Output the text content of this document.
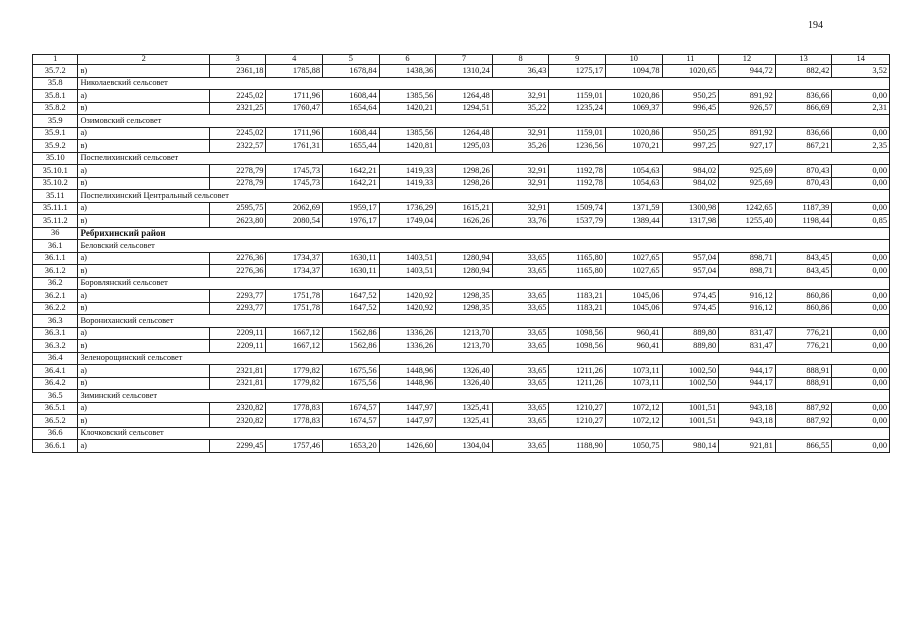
194
1	2	3	4	5	6	7	8	9	10	11	12	13	14
35.7.2	в)	2361,18	1785,88	1678,84	1438,36	1310,24	36,43	1275,17	1094,78	1020,65	944,72	882,42	3,52
35.8	Николаевский сельсовет												
35.8.1	а)	2245,02	1711,96	1608,44	1385,56	1264,48	32,91	1159,01	1020,86	950,25	891,92	836,66	0,00
35.8.2	в)	2321,25	1760,47	1654,64	1420,21	1294,51	35,22	1235,24	1069,37	996,45	926,57	866,69	2,31
35.9	Озимовский сельсовет												
35.9.1	а)	2245,02	1711,96	1608,44	1385,56	1264,48	32,91	1159,01	1020,86	950,25	891,92	836,66	0,00
35.9.2	в)	2322,57	1761,31	1655,44	1420,81	1295,03	35,26	1236,56	1070,21	997,25	927,17	867,21	2,35
35.10	Поспелихинский сельсовет												
35.10.1	а)	2278,79	1745,73	1642,21	1419,33	1298,26	32,91	1192,78	1054,63	984,02	925,69	870,43	0,00
35.10.2	в)	2278,79	1745,73	1642,21	1419,33	1298,26	32,91	1192,78	1054,63	984,02	925,69	870,43	0,00
35.11	Поспелихинский Центральный сельсовет												
35.11.1	а)	2595,75	2062,69	1959,17	1736,29	1615,21	32,91	1509,74	1371,59	1300,98	1242,65	1187,39	0,00
35.11.2	в)	2623,80	2080,54	1976,17	1749,04	1626,26	33,76	1537,79	1389,44	1317,98	1255,40	1198,44	0,85
36	Ребрихинский район												
36.1	Беловский сельсовет												
36.1.1	а)	2276,36	1734,37	1630,11	1403,51	1280,94	33,65	1165,80	1027,65	957,04	898,71	843,45	0,00
36.1.2	в)	2276,36	1734,37	1630,11	1403,51	1280,94	33,65	1165,80	1027,65	957,04	898,71	843,45	0,00
36.2	Боровлянский сельсовет												
36.2.1	а)	2293,77	1751,78	1647,52	1420,92	1298,35	33,65	1183,21	1045,06	974,45	916,12	860,86	0,00
36.2.2	в)	2293,77	1751,78	1647,52	1420,92	1298,35	33,65	1183,21	1045,06	974,45	916,12	860,86	0,00
36.3	Ворониханский сельсовет												
36.3.1	а)	2209,11	1667,12	1562,86	1336,26	1213,70	33,65	1098,56	960,41	889,80	831,47	776,21	0,00
36.3.2	в)	2209,11	1667,12	1562,86	1336,26	1213,70	33,65	1098,56	960,41	889,80	831,47	776,21	0,00
36.4	Зеленорощинский сельсовет												
36.4.1	а)	2321,81	1779,82	1675,56	1448,96	1326,40	33,65	1211,26	1073,11	1002,50	944,17	888,91	0,00
36.4.2	в)	2321,81	1779,82	1675,56	1448,96	1326,40	33,65	1211,26	1073,11	1002,50	944,17	888,91	0,00
36.5	Зиминский сельсовет												
36.5.1	а)	2320,82	1778,83	1674,57	1447,97	1325,41	33,65	1210,27	1072,12	1001,51	943,18	887,92	0,00
36.5.2	в)	2320,82	1778,83	1674,57	1447,97	1325,41	33,65	1210,27	1072,12	1001,51	943,18	887,92	0,00
36.6	Клочковский сельсовет												
36.6.1	а)	2299,45	1757,46	1653,20	1426,60	1304,04	33,65	1188,90	1050,75	980,14	921,81	866,55	0,00
